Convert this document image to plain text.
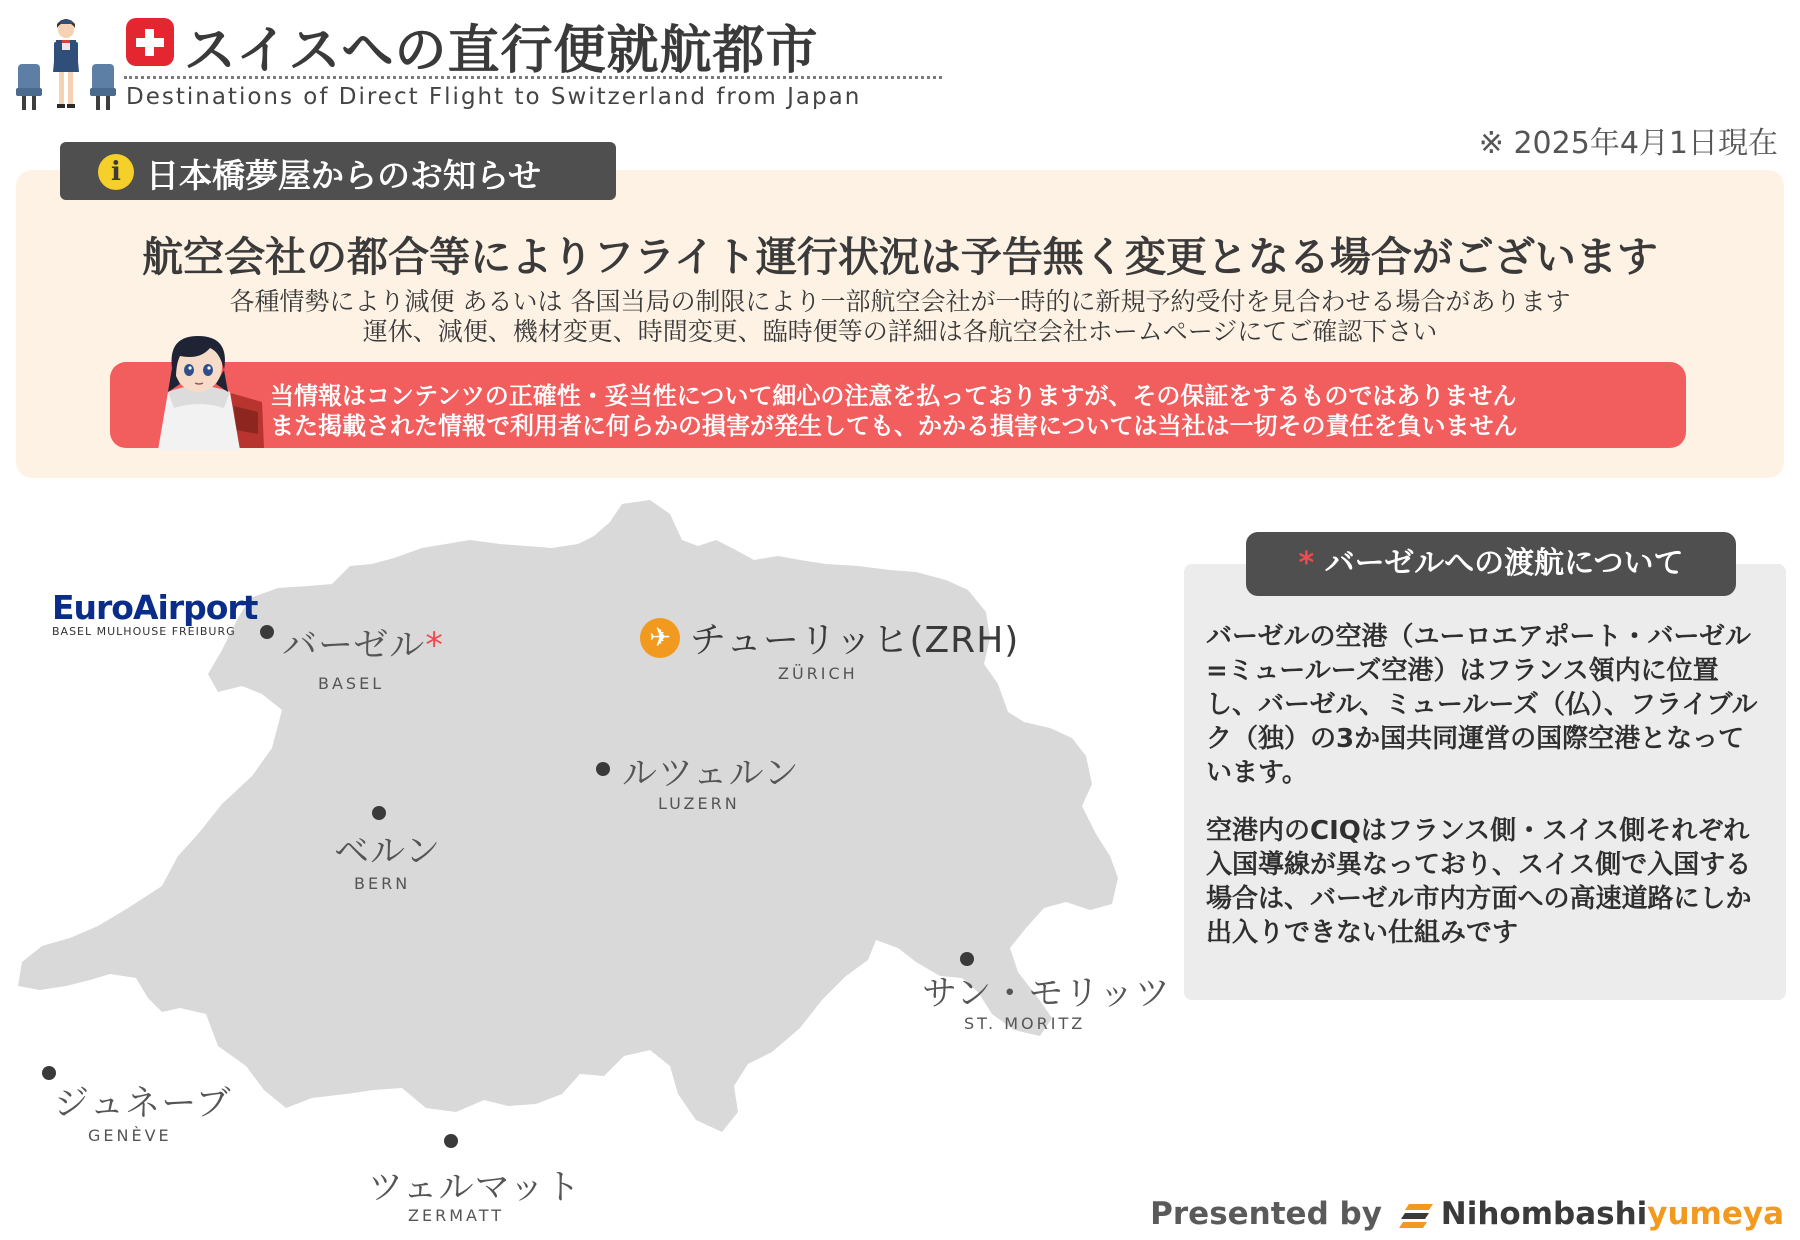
スイスへの直行便就航都市
Destinations of Direct Flight to Switzerland from Japan
※ 2025年4月1日現在
i 日本橋夢屋からのお知らせ
航空会社の都合等によりフライト運行状況は予告無く変更となる場合がございます
各種情勢により減便 あるいは 各国当局の制限により一部航空会社が一時的に新規予約受付を見合わせる場合があります
運休、減便、機材変更、時間変更、臨時便等の詳細は各航空会社ホームページにてご確認下さい
当情報はコンテンツの正確性・妥当性について細心の注意を払っておりますが、その保証をするものではありません
また掲載された情報で利用者に何らかの損害が発生しても、かかる損害については当社は一切その責任を負いません
EuroAirport
BASEL MULHOUSE FREIBURG	バーゼル*
BASEL
✈ チューリッヒ(ZRH)
ZÜRICH
ルツェルン
LUZERN
ベルン
BERN
サン・モリッツ
ST. MORITZ
ジュネーブ
GENÈVE
ツェルマット
ZERMATT
バーゼルの空港（ユーロエアポート・バーゼル=ミュールーズ空港）はフランス領内に位置し、バーゼル、ミュールーズ（仏）、フライブルク（独）の3か国共同運営の国際空港となっています。
空港内のCIQはフランス側・スイス側それぞれ入国導線が異なっており、スイス側で入国する場合は、バーゼル市内方面への高速道路にしか出入りできない仕組みです
* バーゼルへの渡航について
Presented by Nihombashiyumeya
